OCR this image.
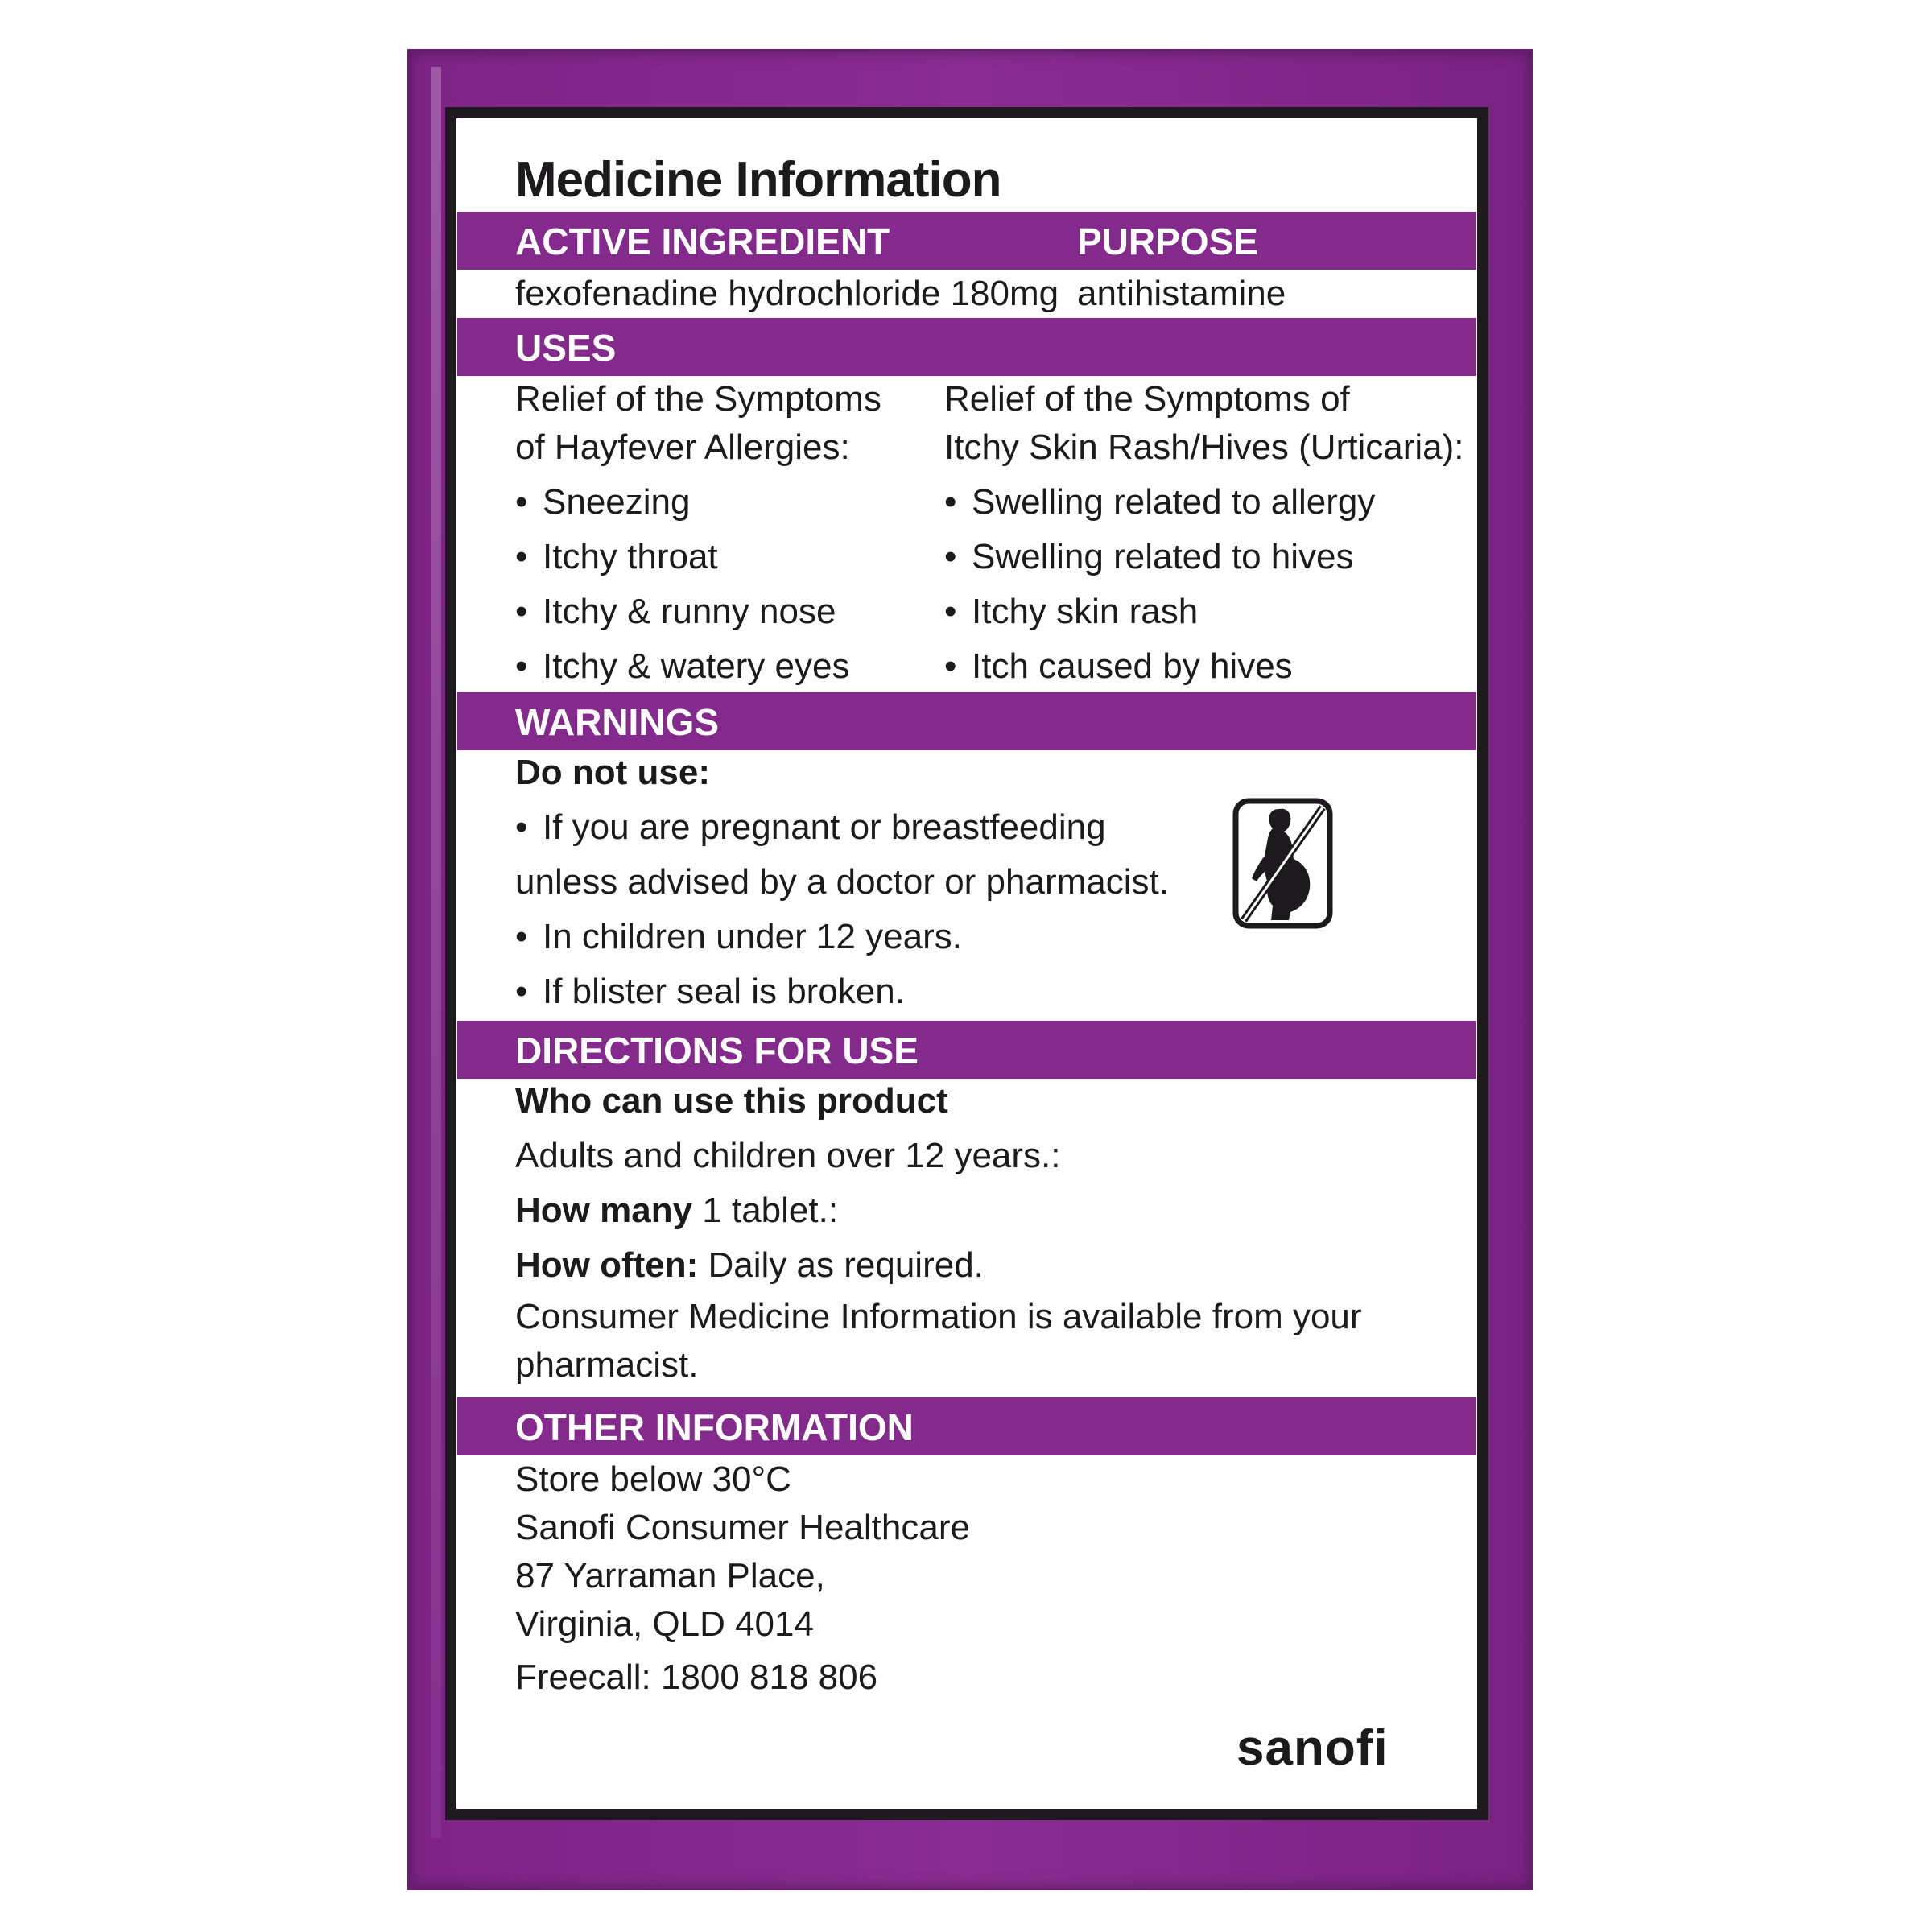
Medicine Information
ACTIVE INGREDIENT	PURPOSE
fexofenadine hydrochloride 180mg antihistamine
USES
Relief of the Symptoms
of Hayfever Allergies:
• Sneezing
• Itchy throat
• Itchy & runny nose
• Itchy & watery eyes
Relief of the Symptoms of
Itchy Skin Rash/Hives (Urticaria):
• Swelling related to allergy
• Swelling related to hives
• Itchy skin rash
• Itch caused by hives
WARNINGS
Do not use:
• If you are pregnant or breastfeeding
unless advised by a doctor or pharmacist.
• In children under 12 years.
• If blister seal is broken.
DIRECTIONS FOR USE
Who can use this product
Adults and children over 12 years.:
How many 1 tablet.:
How often: Daily as required.
Consumer Medicine Information is available from your
pharmacist.
OTHER INFORMATION
Store below 30°C
Sanofi Consumer Healthcare
87 Yarraman Place,
Virginia, QLD 4014
Freecall: 1800 818 806
sanofi
